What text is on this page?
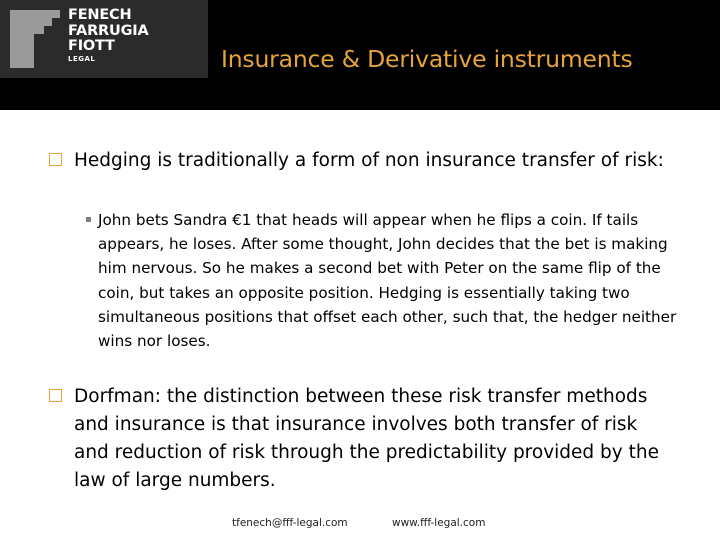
FENECH
FARRUGIA
FIOTT
LEGAL	Insurance & Derivative instruments
Hedging is traditionally a form of non insurance transfer of risk:
John bets Sandra €1 that heads will appear when he flips a coin. If tails appears, he loses. After some thought, John decides that the bet is making him nervous. So he makes a second bet with Peter on the same flip of the coin, but takes an opposite position. Hedging is essentially taking two simultaneous positions that offset each other, such that, the hedger neither wins nor loses.
Dorfman: the distinction between these risk transfer methods and insurance is that insurance involves both transfer of risk and reduction of risk through the predictability provided by the law of large numbers.
tfenech@fff-legal.com	www.fff-legal.com
